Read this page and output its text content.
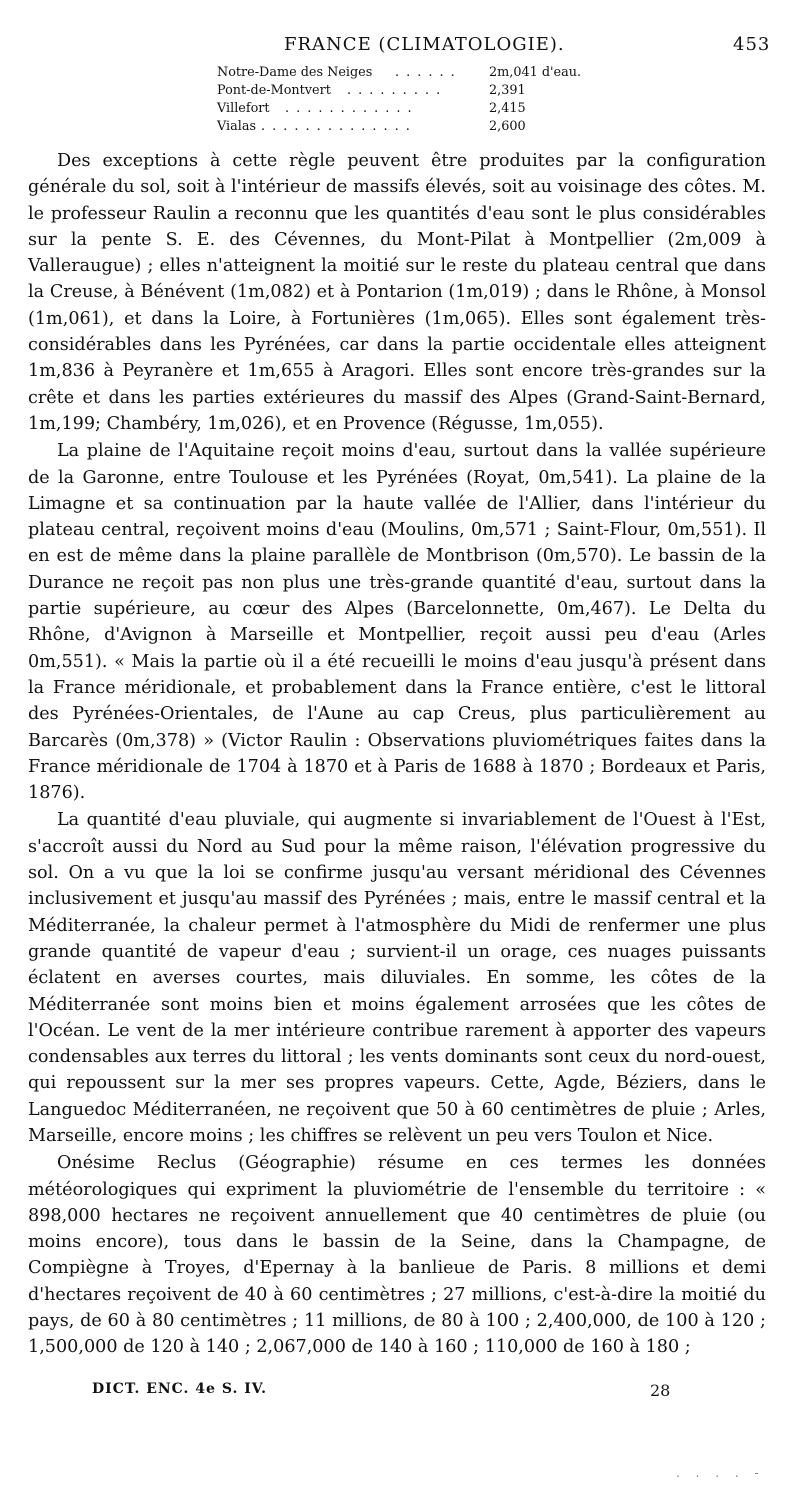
FRANCE (CLIMATOLOGIE).	453
Notre-Dame des Neiges . . . . . .	2m,041 d'eau.
Pont-de-Montvert . . . . . . . . .	2,391
Villefort . . . . . . . . . . . .	2,415
Vialas . . . . . . . . . . . . . .	2,600

Des exceptions à cette règle peuvent être produites par la configuration générale du sol, soit à l'intérieur de massifs élevés, soit au voisinage des côtes. M. le professeur Raulin a reconnu que les quantités d'eau sont le plus considérables sur la pente S. E. des Cévennes, du Mont-Pilat à Montpellier (2m,009 à Valleraugue) ; elles n'atteignent la moitié sur le reste du plateau central que dans la Creuse, à Bénévent (1m,082) et à Pontarion (1m,019) ; dans le Rhône, à Monsol (1m,061), et dans la Loire, à Fortunières (1m,065). Elles sont également très-considérables dans les Pyrénées, car dans la partie occidentale elles atteignent 1m,836 à Peyranère et 1m,655 à Aragori. Elles sont encore très-grandes sur la crête et dans les parties extérieures du massif des Alpes (Grand-Saint-Bernard, 1m,199; Chambéry, 1m,026), et en Provence (Régusse, 1m,055).

La plaine de l'Aquitaine reçoit moins d'eau, surtout dans la vallée supérieure de la Garonne, entre Toulouse et les Pyrénées (Royat, 0m,541). La plaine de la Limagne et sa continuation par la haute vallée de l'Allier, dans l'intérieur du plateau central, reçoivent moins d'eau (Moulins, 0m,571 ; Saint-Flour, 0m,551). Il en est de même dans la plaine parallèle de Montbrison (0m,570). Le bassin de la Durance ne reçoit pas non plus une très-grande quantité d'eau, surtout dans la partie supérieure, au cœur des Alpes (Barcelonnette, 0m,467). Le Delta du Rhône, d'Avignon à Marseille et Montpellier, reçoit aussi peu d'eau (Arles 0m,551). « Mais la partie où il a été recueilli le moins d'eau jusqu'à présent dans la France méridionale, et probablement dans la France entière, c'est le littoral des Pyrénées-Orientales, de l'Aune au cap Creus, plus particulièrement au Barcarès (0m,378) » (Victor Raulin : Observations pluviométriques faites dans la France méridionale de 1704 à 1870 et à Paris de 1688 à 1870 ; Bordeaux et Paris, 1876).

La quantité d'eau pluviale, qui augmente si invariablement de l'Ouest à l'Est, s'accroît aussi du Nord au Sud pour la même raison, l'élévation progressive du sol. On a vu que la loi se confirme jusqu'au versant méridional des Cévennes inclusivement et jusqu'au massif des Pyrénées ; mais, entre le massif central et la Méditerranée, la chaleur permet à l'atmosphère du Midi de renfermer une plus grande quantité de vapeur d'eau ; survient-il un orage, ces nuages puissants éclatent en averses courtes, mais diluviales. En somme, les côtes de la Méditerranée sont moins bien et moins également arrosées que les côtes de l'Océan. Le vent de la mer intérieure contribue rarement à apporter des vapeurs condensables aux terres du littoral ; les vents dominants sont ceux du nord-ouest, qui repoussent sur la mer ses propres vapeurs. Cette, Agde, Béziers, dans le Languedoc Méditerranéen, ne reçoivent que 50 à 60 centimètres de pluie ; Arles, Marseille, encore moins ; les chiffres se relèvent un peu vers Toulon et Nice.

Onésime Reclus (Géographie) résume en ces termes les données météorologiques qui expriment la pluviométrie de l'ensemble du territoire : « 898,000 hectares ne reçoivent annuellement que 40 centimètres de pluie (ou moins encore), tous dans le bassin de la Seine, dans la Champagne, de Compiègne à Troyes, d'Epernay à la banlieue de Paris. 8 millions et demi d'hectares reçoivent de 40 à 60 centimètres ; 27 millions, c'est-à-dire la moitié du pays, de 60 à 80 centimètres ; 11 millions, de 80 à 100 ; 2,400,000, de 100 à 120 ; 1,500,000 de 120 à 140 ; 2,067,000 de 140 à 160 ; 110,000 de 160 à 180 ;

DICT. ENC. 4e S. IV.	28
. . . . -
